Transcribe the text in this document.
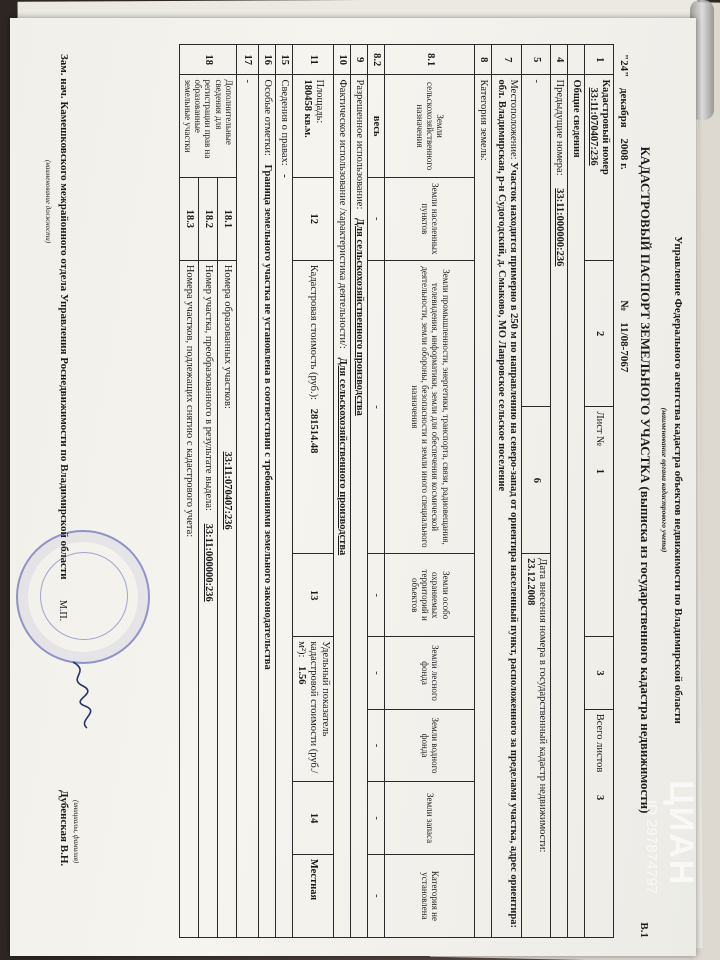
Управление Федерального агентства кадастра объектов недвижимости по Владимирской области
(наименование органа кадастрового учета)
КАДАСТРОВЫЙ ПАСПОРТ ЗЕМЕЛЬНОГО УЧАСТКА (выписка из государственного кадастра недвижимости)
В.1
"24" декабря 2008 г. № 11/08-7067
1	Кадастровый номер 33:11:070407:236		2	Лист № 1		3	Всего листов 3		
	Общие сведения								
4	Предыдущие номера: 33:11:000000:236								
5	-			6	Дата внесения номера в государственный кадастр недвижимости:
23.12.2008				
7	Местоположение: Участок находится примерно в 250 м по направлению на северо-запад от ориентира населенный пункт, расположенного за пределами участка, адрес ориентира: обл. Владимирская, р-н Судогодский, д. Смыково, МО Лавровское сельское поселение								
8	Категория земель:								
8.1	Земли сельскохозяйственного назначения	Земли населенных пунктов	Земли промышленности, энергетики, транспорта, связи, радиовещания, телевидения, информатики, земли для обеспечения космической деятельности, земли обороны, безопасности и земли иного специального назначения		Земли особо охраняемых территорий и объектов	Земли лесного фонда	Земли водного фонда	Земли запаса	Категория не установлена
8.2	весь	-	-		-	-	-	-	-
9	Разрешенное использование: Для сельскохозяйственного производства								
10	Фактическое использование /характеристика деятельности/: Для сельскохозяйственного производства								
11	Площадь:
180458 кв.м.	12	Кадастровая стоимость (руб.): 281514.48		13	Удельный показатель кадастровой стоимости (руб./м²): 1.56		14	Местная
15	Сведения о правах: -								
16	Особые отметки: Граница земельного участка не установлена в соответствии с требованиями земельного законодательства								
17	-								
18	Дополнительные сведения для регистрации прав на образованные земельные участки	18.1	Номера образованных участков: 33:11:070407:236						
		18.2	Номер участка, преобразованного в результате выдела: 33:11:000000:236						
		18.3	Номера участков, подлежащих снятию с кадастрового учета:						
Зам. нач. Камешковского межрайонного отдела Управления Роснедвижимости по Владимирской области
(наименование должности)
М.П.
(инициалы, фамилия)
Дубенская В.Н.	ЦИАН
ID 297874797
